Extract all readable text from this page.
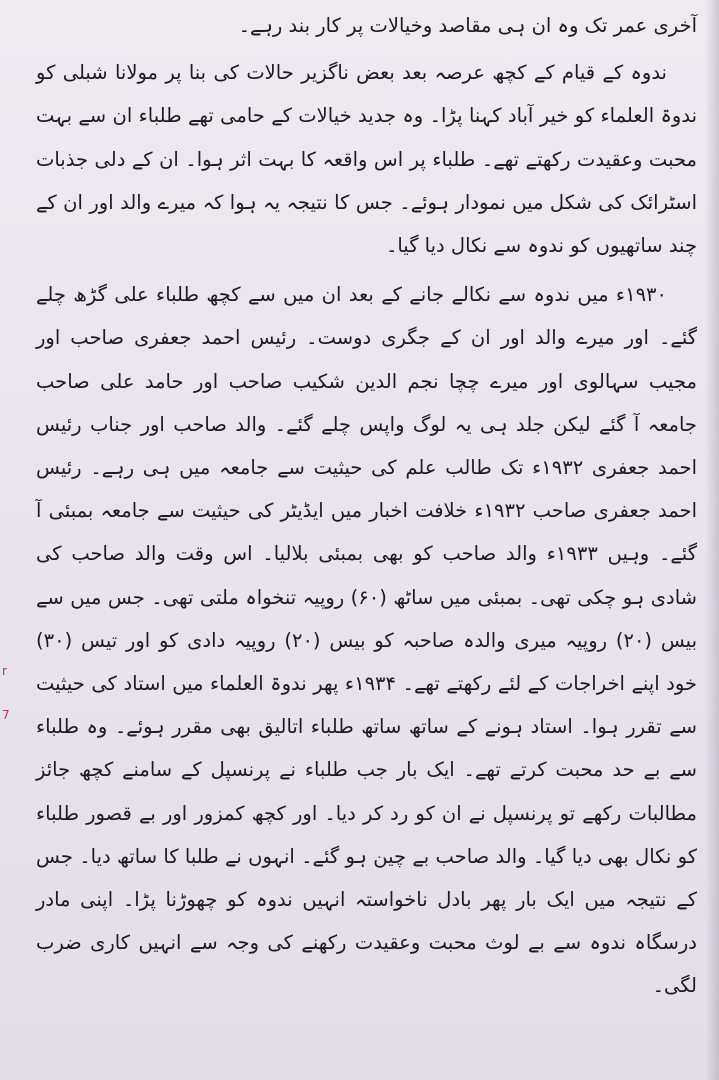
r
7

آخری عمر تک وہ ان ہی مقاصد وخیالات پر کار بند رہے۔

ندوہ کے قیام کے کچھ عرصہ بعد بعض ناگزیر حالات کی بنا پر مولانا شبلی کو ندوۃ العلماء کو خیر آباد کہنا پڑا۔ وہ جدید خیالات کے حامی تھے طلباء ان سے بہت محبت وعقیدت رکھتے تھے۔ طلباء پر اس واقعہ کا بہت اثر ہوا۔ ان کے دلی جذبات اسٹرائک کی شکل میں نمودار ہوئے۔ جس کا نتیجہ یہ ہوا کہ میرے والد اور ان کے چند ساتھیوں کو ندوہ سے نکال دیا گیا۔

۱۹۳۰ء میں ندوہ سے نکالے جانے کے بعد ان میں سے کچھ طلباء علی گڑھ چلے گئے۔ اور میرے والد اور ان کے جگری دوست۔ رئیس احمد جعفری صاحب اور مجیب سہالوی اور میرے چچا نجم الدین شکیب صاحب اور حامد علی صاحب جامعہ آ گئے لیکن جلد ہی یہ لوگ واپس چلے گئے۔ والد صاحب اور جناب رئیس احمد جعفری ۱۹۳۲ء تک طالب علم کی حیثیت سے جامعہ میں ہی رہے۔ رئیس احمد جعفری صاحب ۱۹۳۲ء خلافت اخبار میں ایڈیٹر کی حیثیت سے جامعہ بمبئی آ گئے۔ وہیں ۱۹۳۳ء والد صاحب کو بھی بمبئی بلالیا۔ اس وقت والد صاحب کی شادی ہو چکی تھی۔ بمبئی میں ساٹھ (۶۰) روپیہ تنخواہ ملتی تھی۔ جس میں سے بیس (۲۰) روپیہ میری والدہ صاحبہ کو بیس (۲۰) روپیہ دادی کو اور تیس (۳۰) خود اپنے اخراجات کے لئے رکھتے تھے۔ ۱۹۳۴ء پھر ندوۃ العلماء میں استاد کی حیثیت سے تقرر ہوا۔ استاد ہونے کے ساتھ ساتھ طلباء اتالیق بھی مقرر ہوئے۔ وہ طلباء سے بے حد محبت کرتے تھے۔ ایک بار جب طلباء نے پرنسپل کے سامنے کچھ جائز مطالبات رکھے تو پرنسپل نے ان کو رد کر دیا۔ اور کچھ کمزور اور بے قصور طلباء کو نکال بھی دیا گیا۔ والد صاحب بے چین ہو گئے۔ انہوں نے طلبا کا ساتھ دیا۔ جس کے نتیجہ میں ایک بار پھر بادل ناخواستہ انہیں ندوہ کو چھوڑنا پڑا۔ اپنی مادر درسگاہ ندوہ سے بے لوث محبت وعقیدت رکھنے کی وجہ سے انہیں کاری ضرب لگی۔
